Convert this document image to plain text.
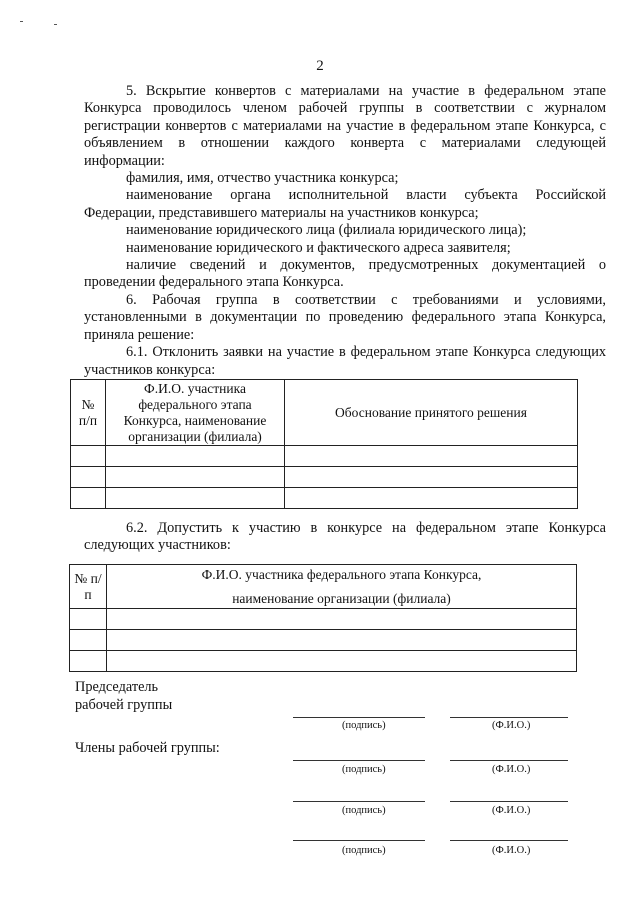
2

5. Вскрытие конвертов с материалами на участие в федеральном этапе Конкурса проводилось членом рабочей группы в соответствии с журналом регистрации конвертов с материалами на участие в федеральном этапе Конкурса, с объявлением в отношении каждого конверта с материалами следующей информации:

фамилия, имя, отчество участника конкурса;

наименование органа исполнительной власти субъекта Российской Федерации, представившего материалы на участников конкурса;

наименование юридического лица (филиала юридического лица);

наименование юридического и фактического адреса заявителя;

наличие сведений и документов, предусмотренных документацией о проведении федерального этапа Конкурса.

6. Рабочая группа в соответствии с требованиями и условиями, установленными в документации по проведению федерального этапа Конкурса, приняла решение:

6.1. Отклонить заявки на участие в федеральном этапе Конкурса следующих участников конкурса:

№ п/п	Ф.И.О. участника федерального этапа Конкурса, наименование организации (филиала)	Обоснование принятого решения

6.2. Допустить к участию в конкурсе на федеральном этапе Конкурса следующих участников:

№ п/п	Ф.И.О. участника федерального этапа Конкурса,
наименование организации (филиала)

Председатель
рабочей группы
Члены рабочей группы:
(подпись)	(Ф.И.О.)
(подпись)	(Ф.И.О.)
(подпись)	(Ф.И.О.)
(подпись)	(Ф.И.О.)
